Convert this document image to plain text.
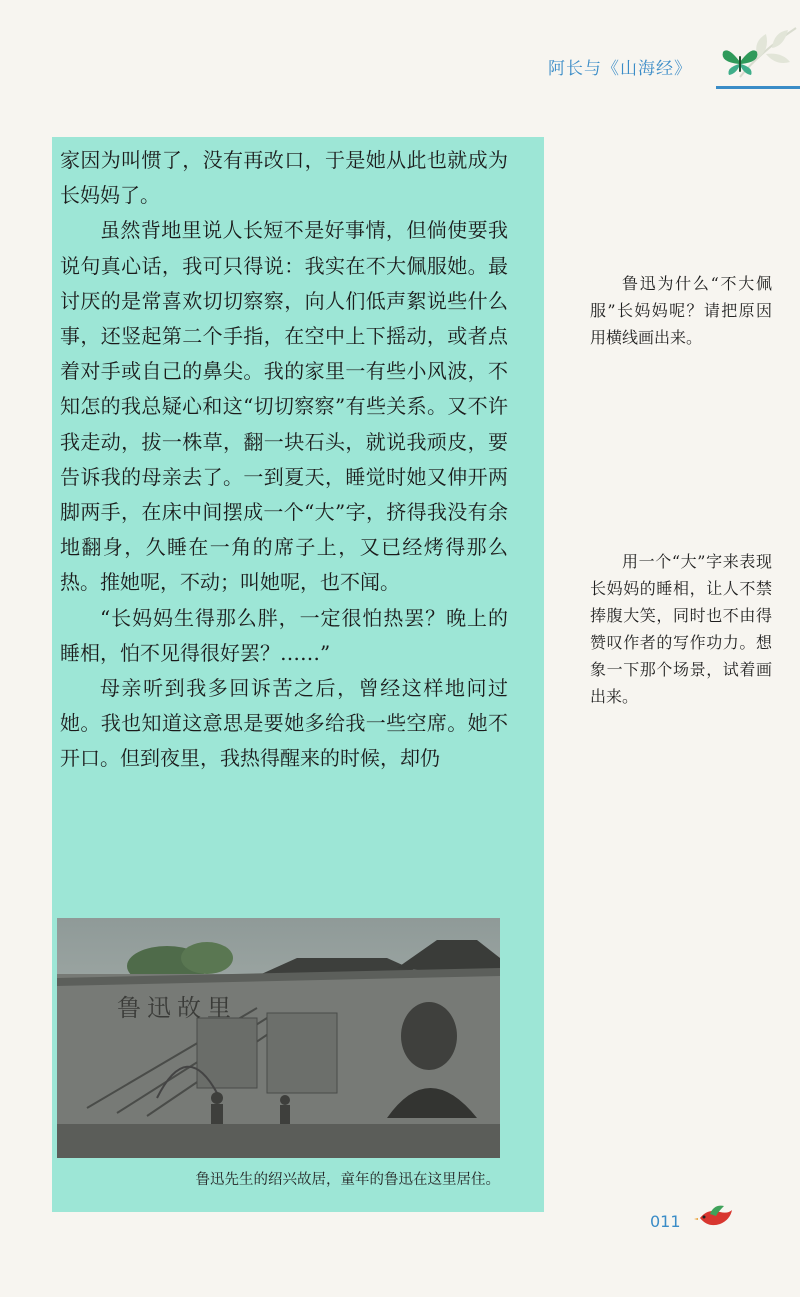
阿长与《山海经》

家因为叫惯了，没有再改口，于是她从此也就成为长妈妈了。

虽然背地里说人长短不是好事情，但倘使要我说句真心话，我可只得说：我实在不大佩服她。最讨厌的是常喜欢切切察察，向人们低声絮说些什么事，还竖起第二个手指，在空中上下摇动，或者点着对手或自己的鼻尖。我的家里一有些小风波，不知怎的我总疑心和这“切切察察”有些关系。又不许我走动，拔一株草，翻一块石头，就说我顽皮，要告诉我的母亲去了。一到夏天，睡觉时她又伸开两脚两手，在床中间摆成一个“大”字，挤得我没有余地翻身，久睡在一角的席子上，又已经烤得那么热。推她呢，不动；叫她呢，也不闻。

“长妈妈生得那么胖，一定很怕热罢？晚上的睡相，怕不见得很好罢？……”

母亲听到我多回诉苦之后，曾经这样地问过她。我也知道这意思是要她多给我一些空席。她不开口。但到夜里，我热得醒来的时候，却仍

鲁迅故里
鲁迅先生的绍兴故居，童年的鲁迅在这里居住。

鲁迅为什么“不大佩服”长妈妈呢？请把原因用横线画出来。

用一个“大”字来表现长妈妈的睡相，让人不禁捧腹大笑，同时也不由得赞叹作者的写作功力。想象一下那个场景，试着画出来。

011
